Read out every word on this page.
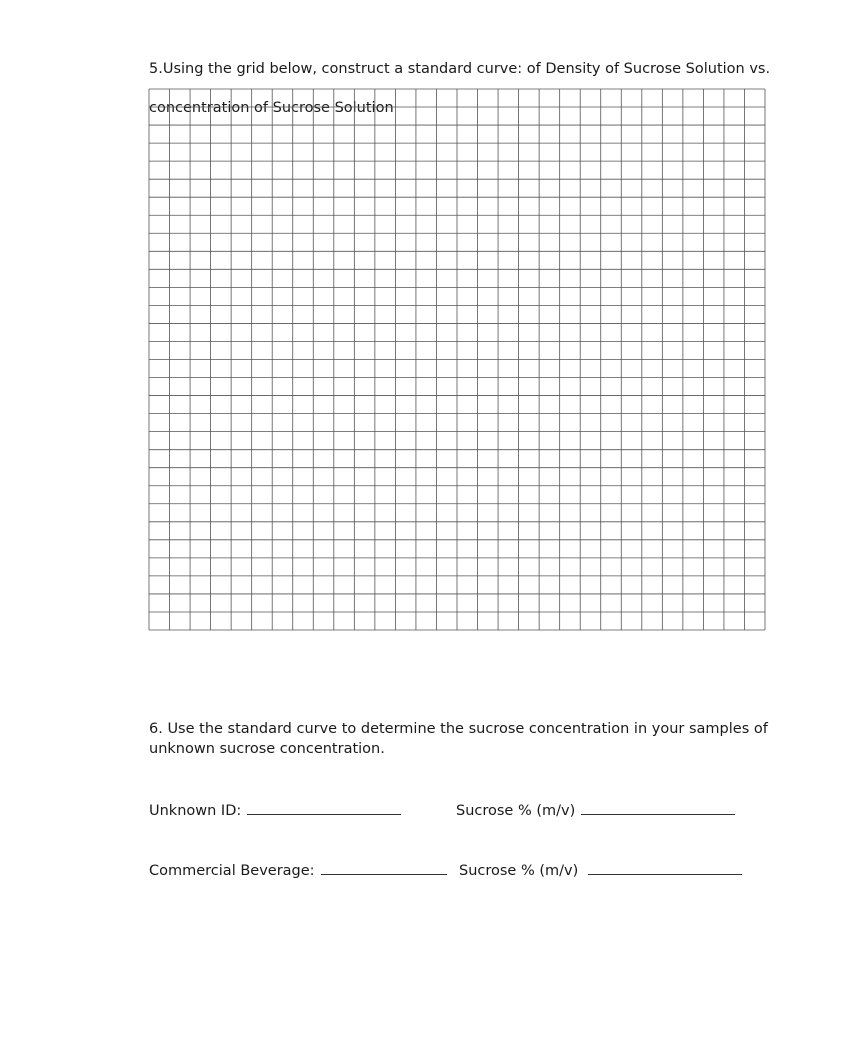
5.Using the grid below, construct a standard curve: of Density of Sucrose Solution vs.

concentration of Sucrose Solution

6. Use the standard curve to determine the sucrose concentration in your samples of unknown sucrose concentration.
Unknown ID:	Sucrose % (m/v)
Commercial Beverage:	Sucrose % (m/v)
